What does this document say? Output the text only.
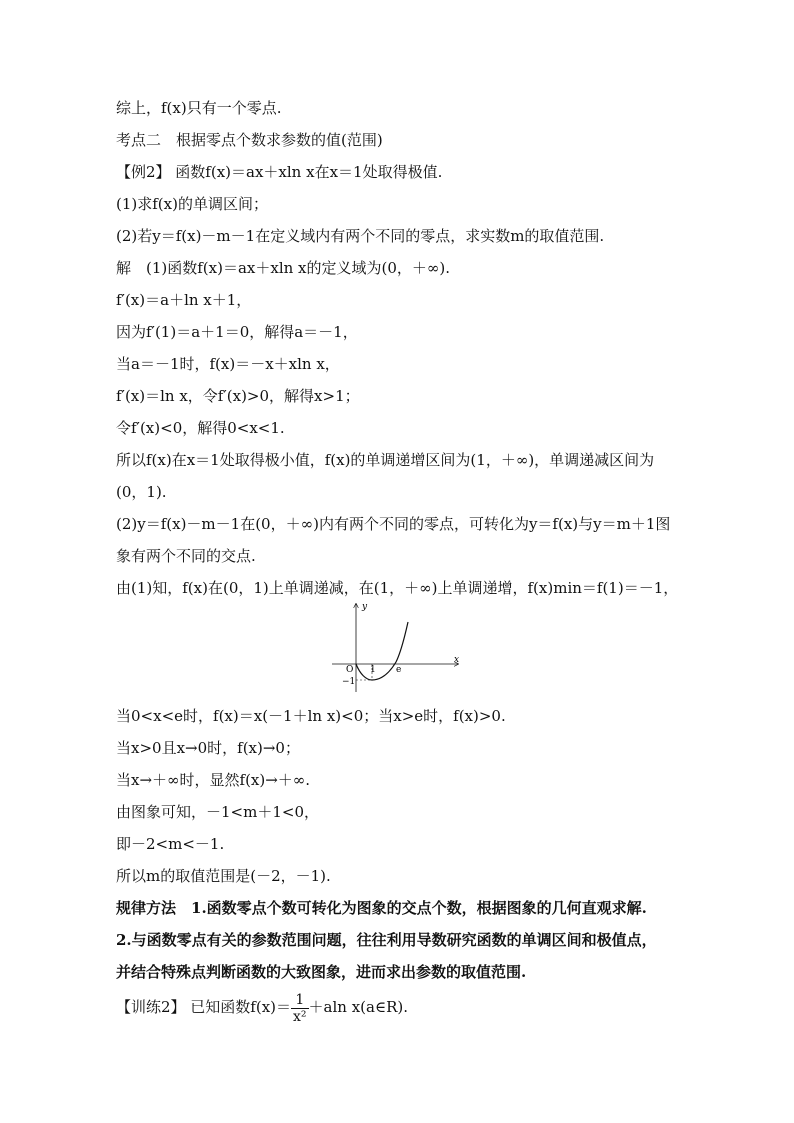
综上，f(x)只有一个零点.
考点二　根据零点个数求参数的值(范围)
【例2】 函数f(x)＝ax＋xln x在x＝1处取得极值.
(1)求f(x)的单调区间；
(2)若y＝f(x)－m－1在定义域内有两个不同的零点，求实数m的取值范围.
解　(1)函数f(x)＝ax＋xln x的定义域为(0，＋∞).
f′(x)＝a＋ln x＋1，
因为f′(1)＝a＋1＝0，解得a＝－1，
当a＝－1时，f(x)＝－x＋xln x，
f′(x)＝ln x，令f′(x)>0，解得x>1；
令f′(x)<0，解得0<x<1.
所以f(x)在x＝1处取得极小值，f(x)的单调递增区间为(1，＋∞)，单调递减区间为
(0，1).
(2)y＝f(x)－m－1在(0，＋∞)内有两个不同的零点，可转化为y＝f(x)与y＝m＋1图
象有两个不同的交点.
由(1)知，f(x)在(0，1)上单调递减，在(1，＋∞)上单调递增，f(x)min＝f(1)＝－1，
y
x
O 1 e
−1
当0<x<e时，f(x)＝x(－1＋ln x)<0；当x>e时，f(x)>0.
当x>0且x→0时，f(x)→0；
当x→＋∞时，显然f(x)→＋∞.
由图象可知，－1<m＋1<0，
即－2<m<－1.
所以m的取值范围是(－2，－1).
规律方法　1.函数零点个数可转化为图象的交点个数，根据图象的几何直观求解.
2.与函数零点有关的参数范围问题，往往利用导数研究函数的单调区间和极值点，
并结合特殊点判断函数的大致图象，进而求出参数的取值范围.
【训练2】 已知函数$f(x)= \frac{1}{\text{x²}} +aln$ x(a∈R).
